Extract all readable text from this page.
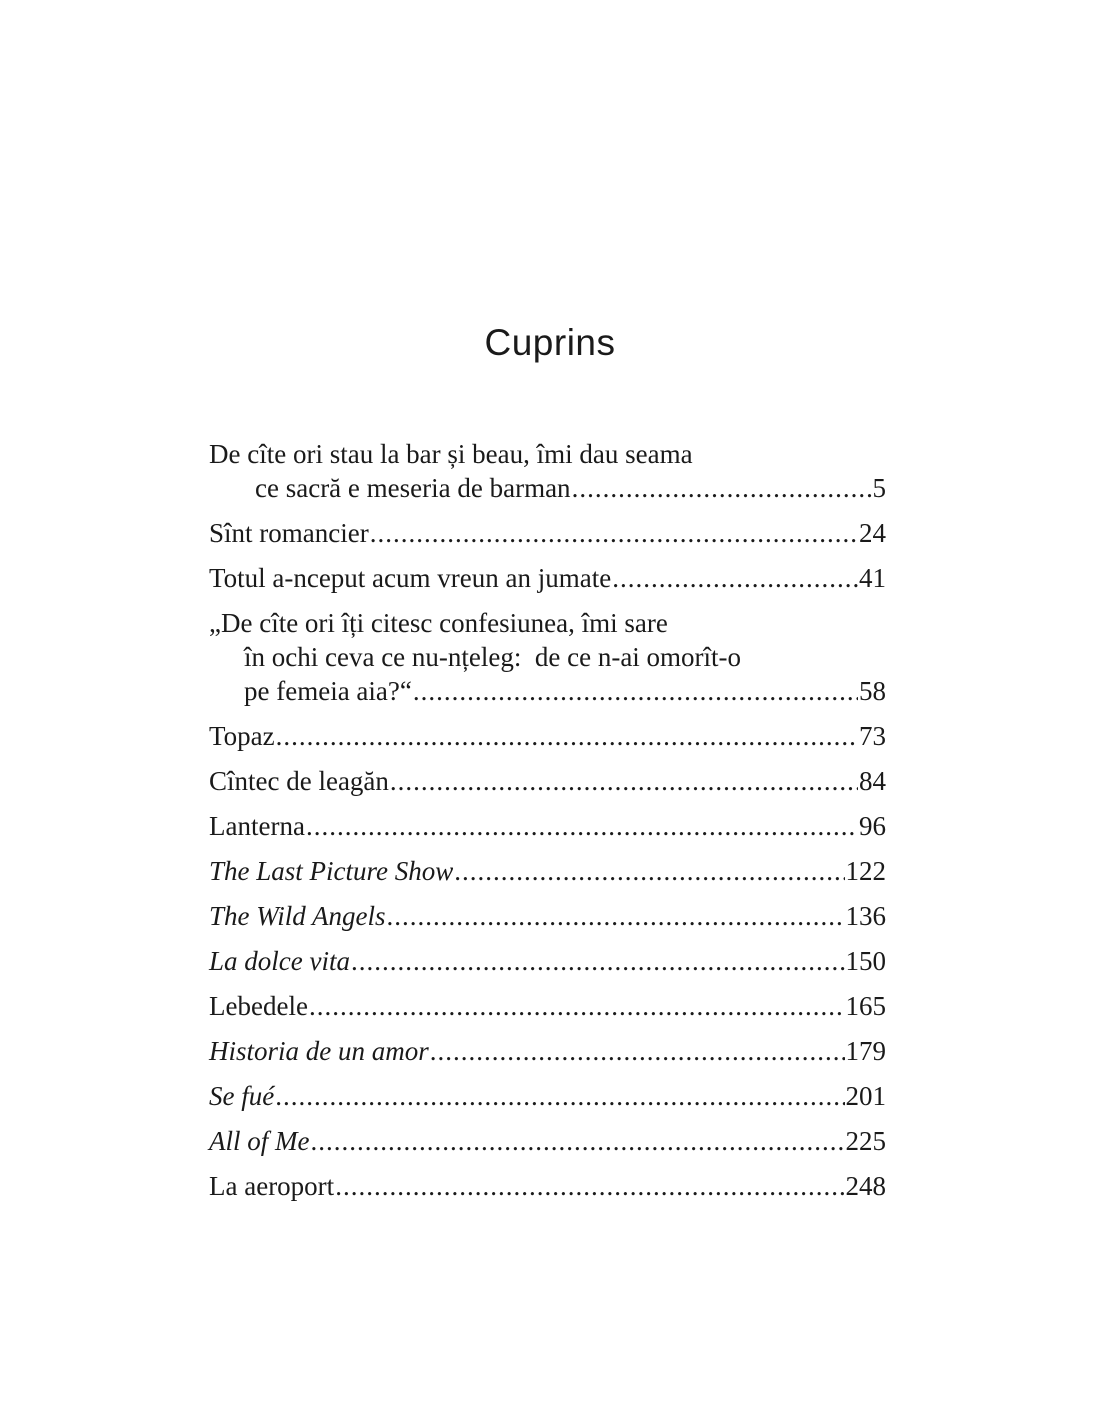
Cuprins
De cîte ori stau la bar și beau, îmi dau seama
ce sacră e meseria de barman .....	5
Sînt romancier .....	24
Totul a-nceput acum vreun an jumate .....	41
„De cîte ori îți citesc confesiunea, îmi sare
în ochi ceva ce nu-nțeleg:  de ce n-ai omorît-o
pe femeia aia?“ .....	58
Topaz .....	73
Cîntec de leagăn .....	84
Lanterna .....	96
The Last Picture Show .....	122
The Wild Angels .....	136
La dolce vita .....	150
Lebedele .....	165
Historia de un amor .....	179
Se fué .....	201
All of Me .....	225
La aeroport .....	248
